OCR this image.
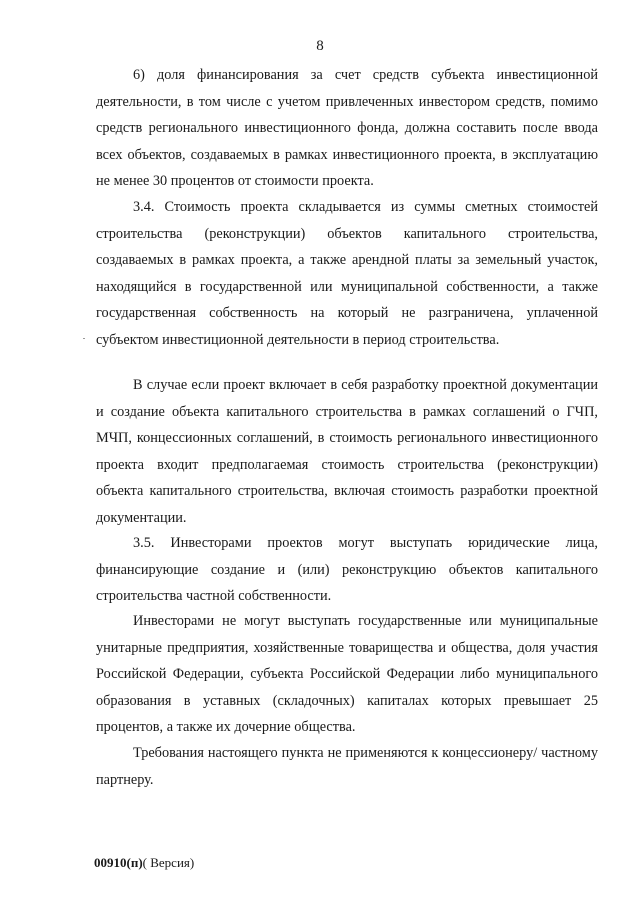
8

6) доля финансирования за счет средств субъекта инвестиционной деятельности, в том числе с учетом привлеченных инвестором средств, помимо средств регионального инвестиционного фонда, должна составить после ввода всех объектов, создаваемых в рамках инвестиционного проекта, в эксплуатацию не менее 30 процентов от стоимости проекта.

3.4. Стоимость проекта складывается из суммы сметных стоимостей строительства (реконструкции) объектов капитального строительства, создаваемых в рамках проекта, а также арендной платы за земельный участок, находящийся в государственной или муниципальной собственности, а также государственная собственность на который не разграничена, уплаченной субъектом инвестиционной деятельности в период строительства.

В случае если проект включает в себя разработку проектной документации и создание объекта капитального строительства в рамках соглашений о ГЧП, МЧП, концессионных соглашений, в стоимость регионального инвестиционного проекта входит предполагаемая стоимость строительства (реконструкции) объекта капитального строительства, включая стоимость разработки проектной документации.

3.5. Инвесторами проектов могут выступать юридические лица, финансирующие создание и (или) реконструкцию объектов капитального строительства частной собственности.

Инвесторами не могут выступать государственные или муниципальные унитарные предприятия, хозяйственные товарищества и общества, доля участия Российской Федерации, субъекта Российской Федерации либо муниципального образования в уставных (складочных) капиталах которых превышает 25 процентов, а также их дочерние общества.

Требования настоящего пункта не применяются к концессионеру/ частному партнеру.

00910(п)( Версия)
